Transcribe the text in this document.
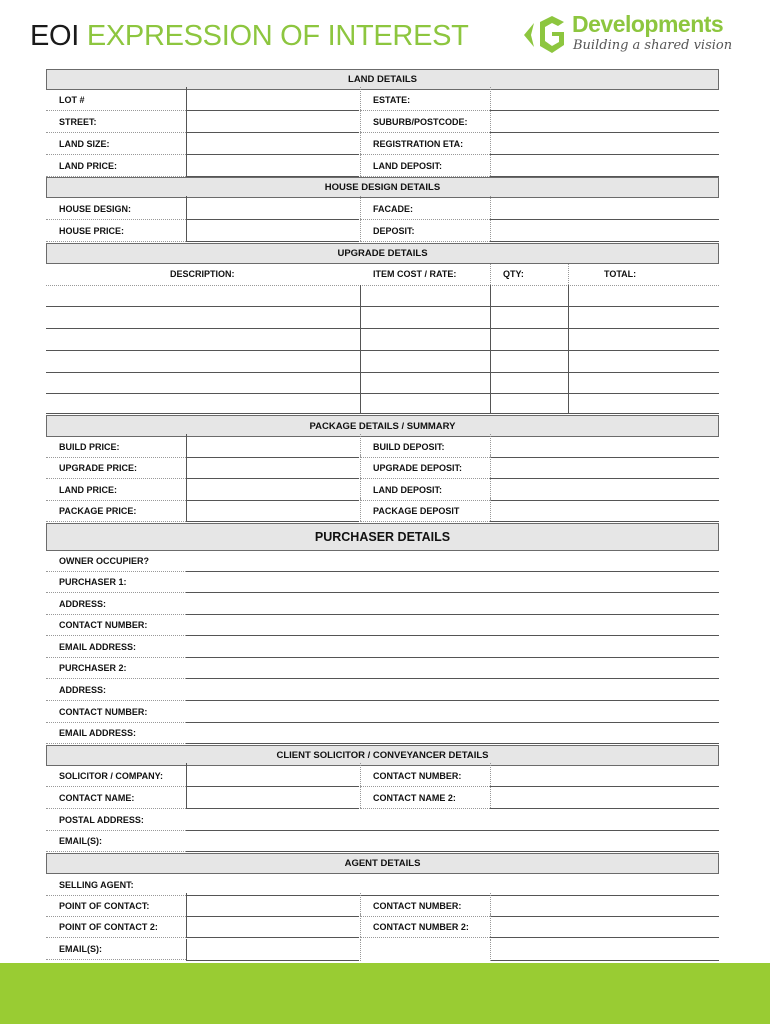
EOI EXPRESSION OF INTEREST	Developments
Building a shared vision
LAND DETAILS
LOT #	ESTATE:
STREET:	SUBURB/POSTCODE:
LAND SIZE:	REGISTRATION ETA:
LAND PRICE:	LAND DEPOSIT:
HOUSE DESIGN DETAILS
HOUSE DESIGN:	FACADE:
HOUSE PRICE:	DEPOSIT:
UPGRADE DETAILS
DESCRIPTION:	ITEM COST / RATE:	QTY:	TOTAL:
PACKAGE DETAILS / SUMMARY
BUILD PRICE:	BUILD DEPOSIT:
UPGRADE PRICE:	UPGRADE DEPOSIT:
LAND PRICE:	LAND DEPOSIT:
PACKAGE PRICE:	PACKAGE DEPOSIT
PURCHASER DETAILS
OWNER OCCUPIER?
PURCHASER 1:
ADDRESS:
CONTACT NUMBER:
EMAIL ADDRESS:
PURCHASER 2:
ADDRESS:
CONTACT NUMBER:
EMAIL ADDRESS:
CLIENT SOLICITOR / CONVEYANCER DETAILS
SOLICITOR / COMPANY:	CONTACT NUMBER:
CONTACT NAME:	CONTACT NAME 2:
POSTAL ADDRESS:
EMAIL(S):
AGENT DETAILS
SELLING AGENT:
POINT OF CONTACT:	CONTACT NUMBER:
POINT OF CONTACT 2:	CONTACT NUMBER 2:
EMAIL(S):
